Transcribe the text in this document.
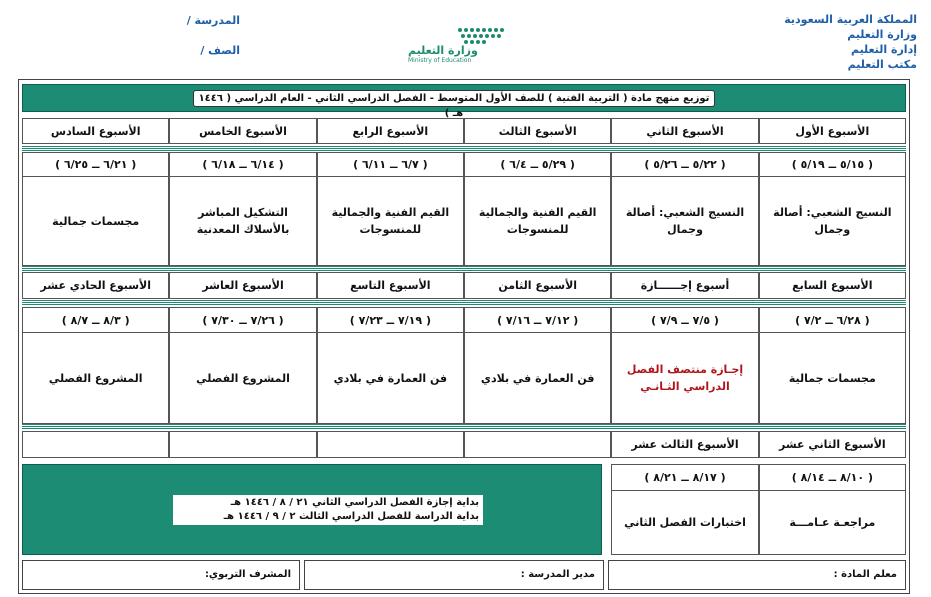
المملكة العربية السعودية
وزارة التعليم
إدارة التعليم
مكتب التعليم
وزارة التعليم
Ministry of Education
المدرسة /
الصف /
توزيع منهج مادة ( التربية الفنية ) للصف الأول المتوسط - الفصل الدراسي الثاني - العام الدراسي ( ١٤٤٦ هـ )
الأسبوع الأول
الأسبوع الثاني
الأسبوع الثالث
الأسبوع الرابع
الأسبوع الخامس
الأسبوع السادس
( ٥/١٥ ــ ٥/١٩ )
( ٥/٢٢ ــ ٥/٢٦ )
( ٥/٢٩ ــ ٦/٤ )
( ٦/٧ ــ ٦/١١ )
( ٦/١٤ ــ ٦/١٨ )
( ٦/٢١ ــ ٦/٢٥ )
النسيج الشعبي: أصالة وجمال
النسيج الشعبي: أصالة وجمال
القيم الفنية والجمالية للمنسوجات
القيم الفنية والجمالية للمنسوجات
التشكيل المباشر بالأسلاك المعدنية
مجسمات جمالية
الأسبوع السابع
أسبوع إجــــــازة
الأسبوع الثامن
الأسبوع التاسع
الأسبوع العاشر
الأسبوع الحادي عشر
( ٦/٢٨ ــ ٧/٢ )
( ٧/٥ ــ ٧/٩ )
( ٧/١٢ ــ ٧/١٦ )
( ٧/١٩ ــ ٧/٢٣ )
( ٧/٢٦ ــ ٧/٣٠ )
( ٨/٣ ــ ٨/٧ )
مجسمات جمالية
إجـازة منتصف الفصل الدراسي الثـانـي
فن العمارة في بلادي
فن العمارة في بلادي
المشروع الفصلي
المشروع الفصلي
الأسبوع الثاني عشر
الأسبوع الثالث عشر
( ٨/١٠ ــ ٨/١٤ )
( ٨/١٧ ــ ٨/٢١ )
مراجعـة عـامـــة
اختبارات الفصل الثاني
بداية إجازة الفصل الدراسي الثاني ٢١ / ٨ / ١٤٤٦ هـ
بداية الدراسة للفصل الدراسي الثالث ٢ / ٩ / ١٤٤٦ هـ
معلم المادة :
مدير المدرسة :
المشرف التربوي:
